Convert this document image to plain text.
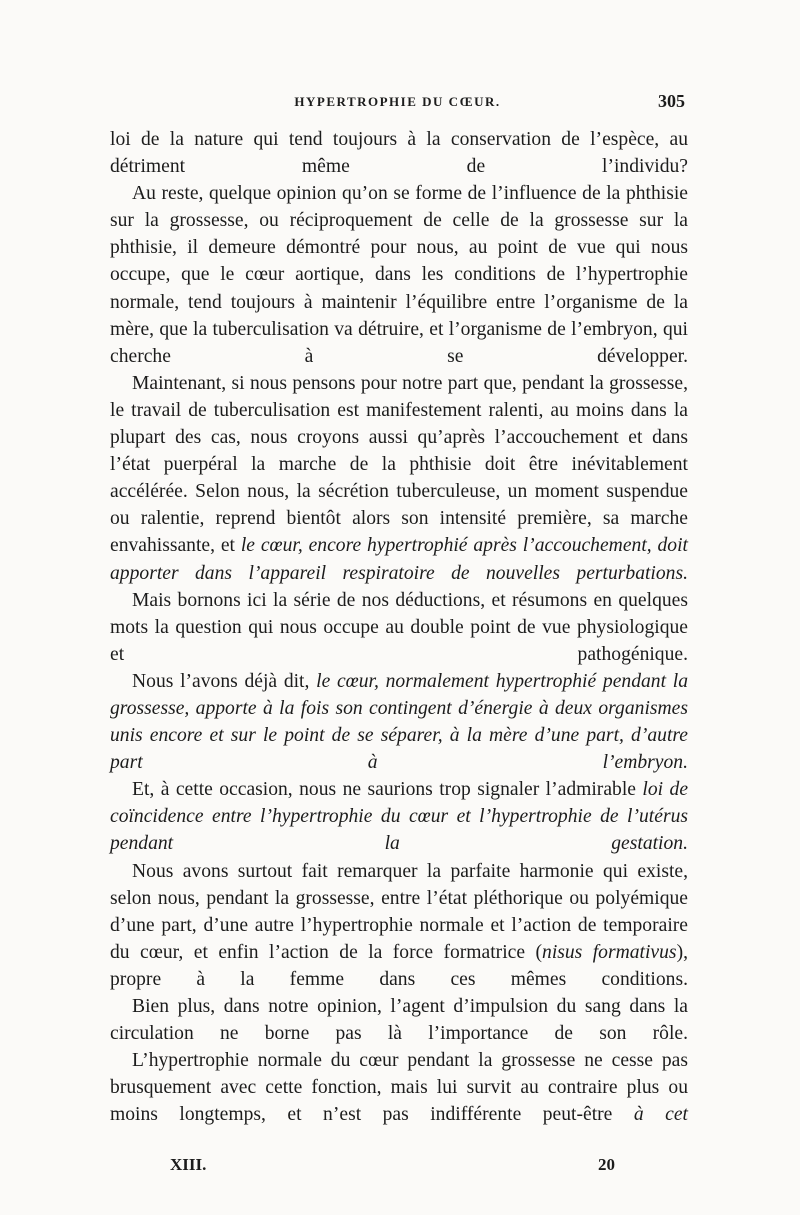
HYPERTROPHIE DU CŒUR.	305

loi de la nature qui tend toujours à la conservation de l’espèce, au détriment même de l’individu?

Au reste, quelque opinion qu’on se forme de l’influence de la phthisie sur la grossesse, ou réciproquement de celle de la grossesse sur la phthisie, il demeure démontré pour nous, au point de vue qui nous occupe, que le cœur aortique, dans les conditions de l’hypertrophie normale, tend toujours à maintenir l’équilibre entre l’organisme de la mère, que la tuberculisation va détruire, et l’organisme de l’embryon, qui cherche à se développer.

Maintenant, si nous pensons pour notre part que, pendant la grossesse, le travail de tuberculisation est manifestement ralenti, au moins dans la plupart des cas, nous croyons aussi qu’après l’accouchement et dans l’état puerpéral la marche de la phthisie doit être inévitablement accélérée. Selon nous, la sécrétion tuberculeuse, un moment suspendue ou ralentie, reprend bientôt alors son intensité première, sa marche envahissante, et le cœur, encore hypertrophié après l’accouchement, doit apporter dans l’appareil respiratoire de nouvelles perturbations.

Mais bornons ici la série de nos déductions, et résumons en quelques mots la question qui nous occupe au double point de vue physiologique et pathogénique.

Nous l’avons déjà dit, le cœur, normalement hypertrophié pendant la grossesse, apporte à la fois son contingent d’énergie à deux organismes unis encore et sur le point de se séparer, à la mère d’une part, d’autre part à l’embryon.

Et, à cette occasion, nous ne saurions trop signaler l’admirable loi de coïncidence entre l’hypertrophie du cœur et l’hypertrophie de l’utérus pendant la gestation.

Nous avons surtout fait remarquer la parfaite harmonie qui existe, selon nous, pendant la grossesse, entre l’état pléthorique ou polyémique d’une part, d’une autre l’hypertrophie normale et l’action de temporaire du cœur, et enfin l’action de la force formatrice (nisus formativus), propre à la femme dans ces mêmes conditions.

Bien plus, dans notre opinion, l’agent d’impulsion du sang dans la circulation ne borne pas là l’importance de son rôle.

L’hypertrophie normale du cœur pendant la grossesse ne cesse pas brusquement avec cette fonction, mais lui survit au contraire plus ou moins longtemps, et n’est pas indifférente peut-être à cet

XIII.	20
